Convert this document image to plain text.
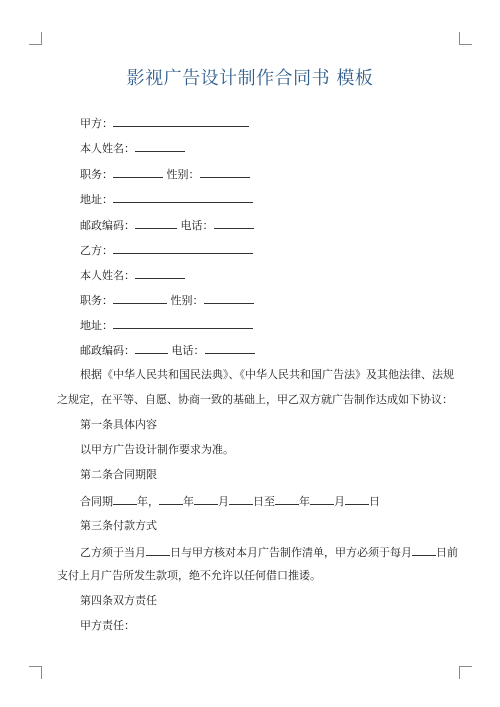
影视广告设计制作合同书 模板
甲方：
本人姓名：
职务：	性别：
地址：
邮政编码：	电话：
乙方：
本人姓名：
职务：	性别：
地址：
邮政编码：	电话：
根据《中华人民共和国民法典》、《中华人民共和国广告法》及其他法律、法规
之规定，在平等、自愿、协商一致的基础上，甲乙双方就广告制作达成如下协议：
第一条具体内容
以甲方广告设计制作要求为准。
第二条合同期限
合同期 年， 年 月 日至 年 月 日
第三条付款方式
乙方须于当月 日与甲方核对本月广告制作清单，甲方必须于每月 日前
支付上月广告所发生款项，绝不允许以任何借口推诿。
第四条双方责任
甲方责任：
